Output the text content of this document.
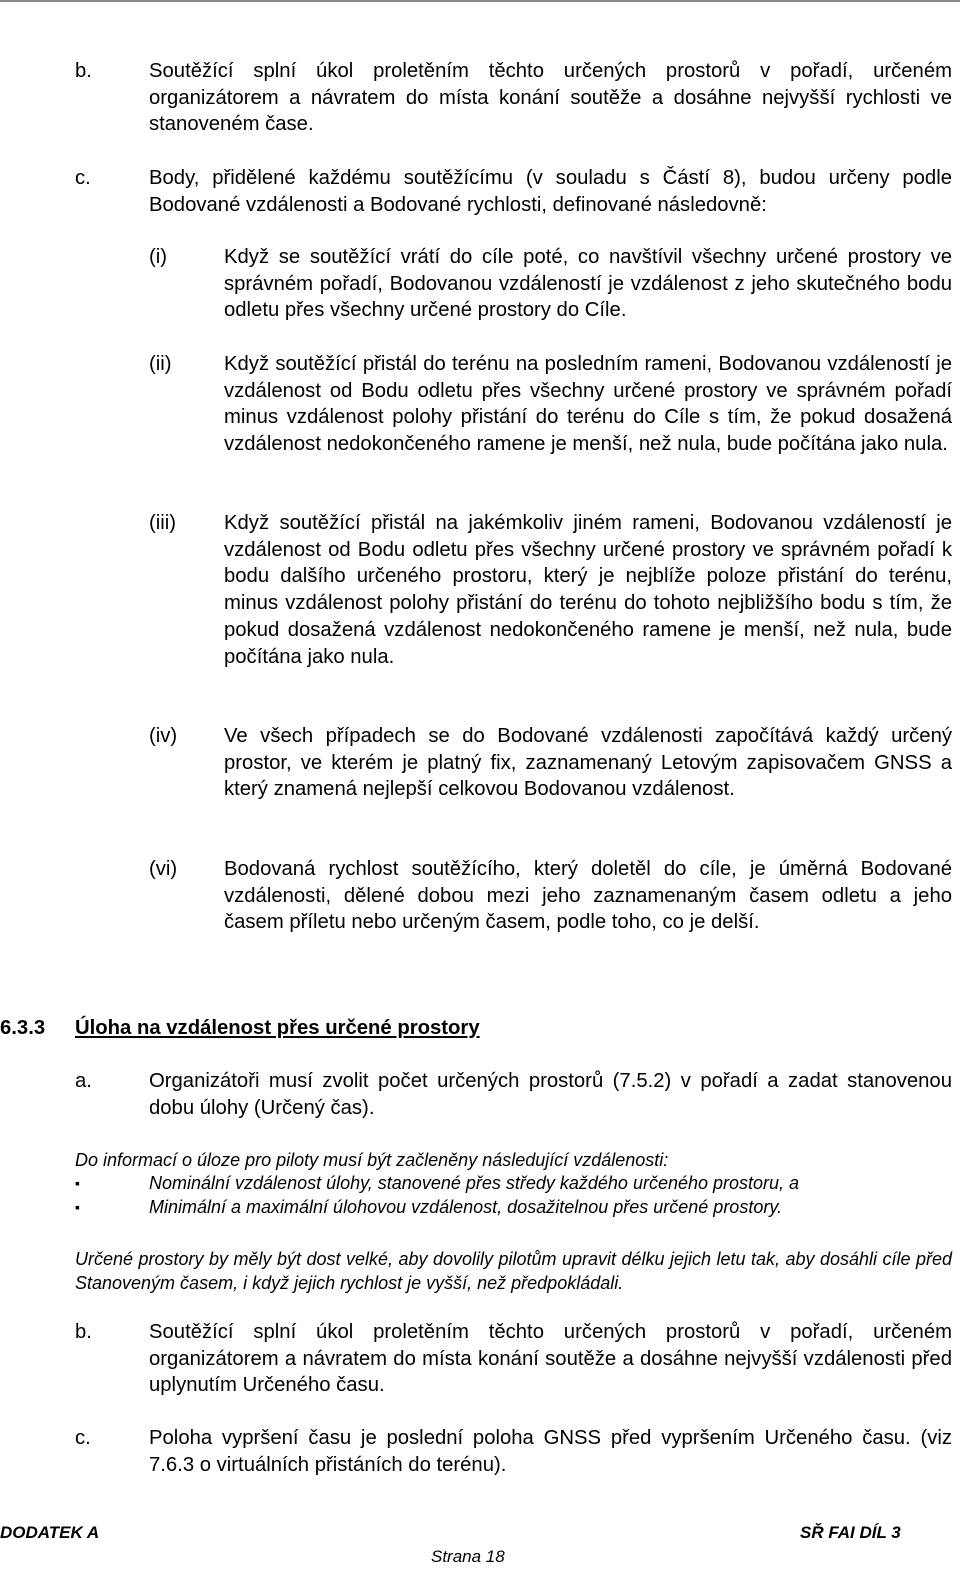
b.	Soutěžící splní úkol proletěním těchto určených prostorů v pořadí, určeném organizátorem a návratem do místa konání soutěže a dosáhne nejvyšší rychlosti ve stanoveném čase.
c.	Body, přidělené každému soutěžícímu (v souladu s Částí 8), budou určeny podle Bodované vzdálenosti a Bodované rychlosti, definované následovně:
(i)	Když se soutěžící vrátí do cíle poté, co navštívil všechny určené prostory ve správném pořadí, Bodovanou vzdáleností je vzdálenost z jeho skutečného bodu odletu přes všechny určené prostory do Cíle.
(ii)	Když soutěžící přistál do terénu na posledním rameni, Bodovanou vzdáleností je vzdálenost od Bodu odletu přes všechny určené prostory ve správném pořadí minus vzdálenost polohy přistání do terénu do Cíle s tím, že pokud dosažená vzdálenost nedokončeného ramene je menší, než nula, bude počítána jako nula.
(iii) Když soutěžící přistál na jakémkoliv jiném rameni, Bodovanou vzdáleností je vzdálenost od Bodu odletu přes všechny určené prostory ve správném pořadí k bodu dalšího určeného prostoru, který je nejblíže poloze přistání do terénu, minus vzdálenost polohy přistání do terénu do tohoto nejbližšího bodu s tím, že pokud dosažená vzdálenost nedokončeného ramene je menší, než nula, bude počítána jako nula.
(iv) Ve všech případech se do Bodované vzdálenosti započítává každý určený prostor, ve kterém je platný fix, zaznamenaný Letovým zapisovačem GNSS a který znamená nejlepší celkovou Bodovanou vzdálenost.
(vi) Bodovaná rychlost soutěžícího, který doletěl do cíle, je úměrná Bodované vzdálenosti, dělené dobou mezi jeho zaznamenaným časem odletu a jeho časem příletu nebo určeným časem, podle toho, co je delší.
6.3.3 Úloha na vzdálenost přes určené prostory
a.	Organizátoři musí zvolit počet určených prostorů (7.5.2) v pořadí a zadat stanovenou dobu úlohy (Určený čas).
Do informací o úloze pro piloty musí být začleněny následující vzdálenosti:
▪	Nominální vzdálenost úlohy, stanovené přes středy každého určeného prostoru, a
▪	Minimální a maximální úlohovou vzdálenost, dosažitelnou přes určené prostory.
Určené prostory by měly být dost velké, aby dovolily pilotům upravit délku jejich letu tak, aby dosáhli cíle před Stanoveným časem, i když jejich rychlost je vyšší, než předpokládali.
b.	Soutěžící splní úkol proletěním těchto určených prostorů v pořadí, určeném organizátorem a návratem do místa konání soutěže a dosáhne nejvyšší vzdálenosti před uplynutím Určeného času.
c.	Poloha vypršení času je poslední poloha GNSS před vypršením Určeného času. (viz 7.6.3 o virtuálních přistáních do terénu).
DODATEK A	SŘ FAI DÍL 3
Strana 18
